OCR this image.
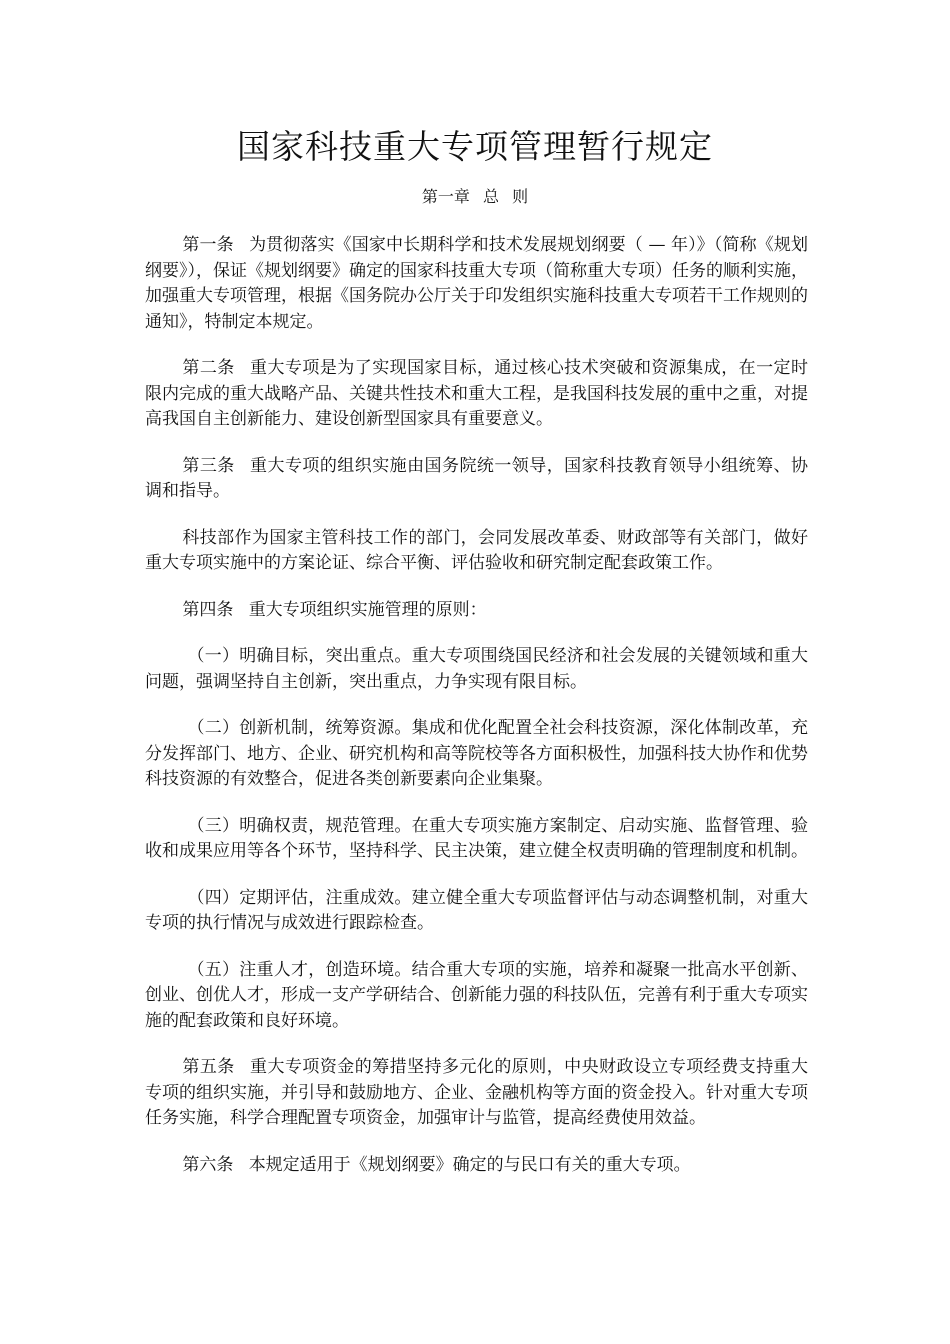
国家科技重大专项管理暂行规定
第一章 总 则

第一条 为贯彻落实《国家中长期科学和技术发展规划纲要（ — 年）》（简称《规划纲要》），保证《规划纲要》确定的国家科技重大专项（简称重大专项）任务的顺利实施，加强重大专项管理，根据《国务院办公厅关于印发组织实施科技重大专项若干工作规则的通知》，特制定本规定。

第二条 重大专项是为了实现国家目标，通过核心技术突破和资源集成，在一定时限内完成的重大战略产品、关键共性技术和重大工程，是我国科技发展的重中之重，对提高我国自主创新能力、建设创新型国家具有重要意义。

第三条 重大专项的组织实施由国务院统一领导，国家科技教育领导小组统筹、协调和指导。

科技部作为国家主管科技工作的部门，会同发展改革委、财政部等有关部门，做好重大专项实施中的方案论证、综合平衡、评估验收和研究制定配套政策工作。

第四条 重大专项组织实施管理的原则：

（一）明确目标，突出重点。重大专项围绕国民经济和社会发展的关键领域和重大问题，强调坚持自主创新，突出重点，力争实现有限目标。

（二）创新机制，统筹资源。集成和优化配置全社会科技资源，深化体制改革，充分发挥部门、地方、企业、研究机构和高等院校等各方面积极性，加强科技大协作和优势科技资源的有效整合，促进各类创新要素向企业集聚。

（三）明确权责，规范管理。在重大专项实施方案制定、启动实施、监督管理、验收和成果应用等各个环节，坚持科学、民主决策，建立健全权责明确的管理制度和机制。

（四）定期评估，注重成效。建立健全重大专项监督评估与动态调整机制，对重大专项的执行情况与成效进行跟踪检查。

（五）注重人才，创造环境。结合重大专项的实施，培养和凝聚一批高水平创新、创业、创优人才，形成一支产学研结合、创新能力强的科技队伍，完善有利于重大专项实施的配套政策和良好环境。

第五条 重大专项资金的筹措坚持多元化的原则，中央财政设立专项经费支持重大专项的组织实施，并引导和鼓励地方、企业、金融机构等方面的资金投入。针对重大专项任务实施，科学合理配置专项资金，加强审计与监管，提高经费使用效益。

第六条 本规定适用于《规划纲要》确定的与民口有关的重大专项。
